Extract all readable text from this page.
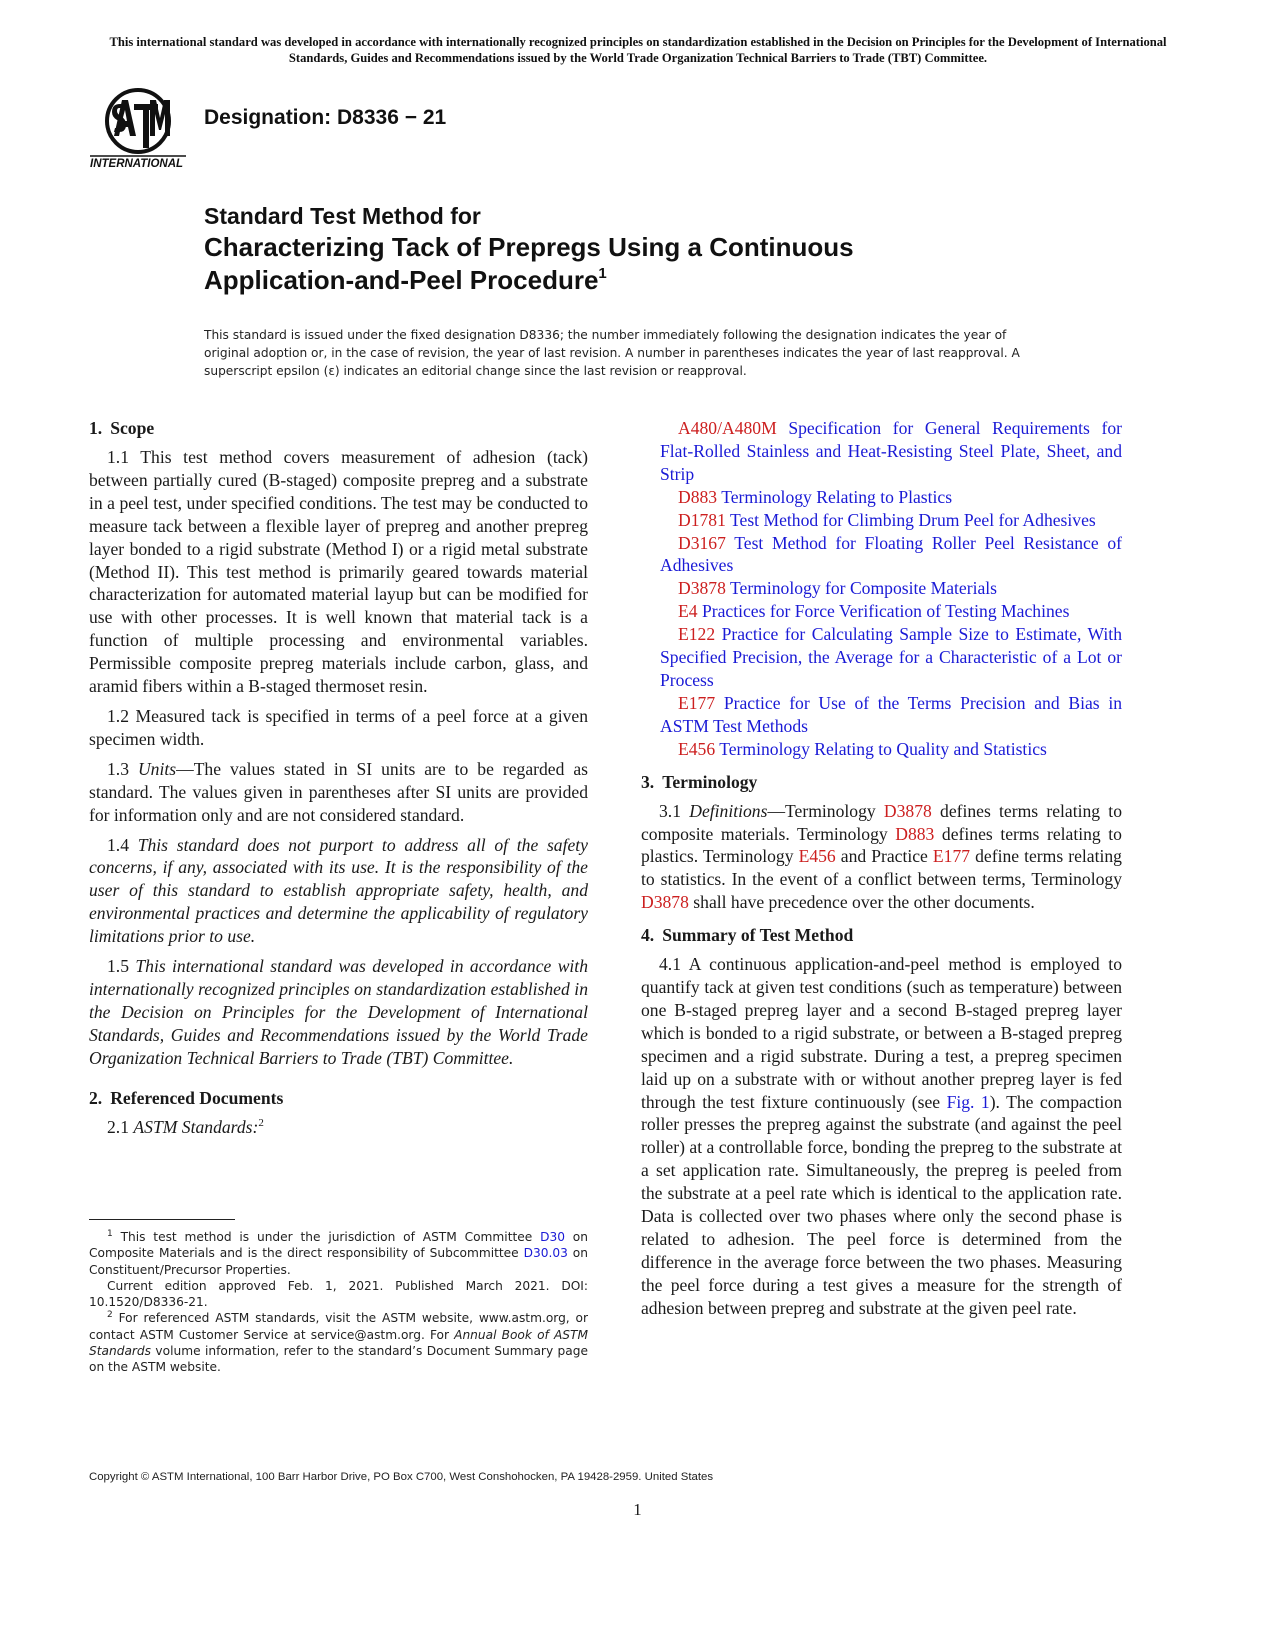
This international standard was developed in accordance with internationally recognized principles on standardization established in the Decision on Principles for the Development of International Standards, Guides and Recommendations issued by the World Trade Organization Technical Barriers to Trade (TBT) Committee.
INTERNATIONAL
Designation: D8336 − 21
Standard Test Method for
Characterizing Tack of Prepregs Using a Continuous
Application-and-Peel Procedure$^1$
This standard is issued under the fixed designation D8336; the number immediately following the designation indicates the year of original adoption or, in the case of revision, the year of last revision. A number in parentheses indicates the year of last reapproval. A superscript epsilon (ε) indicates an editorial change since the last revision or reapproval.
1. Scope

1.1 This test method covers measurement of adhesion (tack) between partially cured (B-staged) composite prepreg and a substrate in a peel test, under specified conditions. The test may be conducted to measure tack between a flexible layer of prepreg and another prepreg layer bonded to a rigid substrate (Method I) or a rigid metal substrate (Method II). This test method is primarily geared towards material characterization for automated material layup but can be modified for use with other processes. It is well known that material tack is a function of multiple processing and environmental variables. Permissible composite prepreg materials include carbon, glass, and aramid fibers within a B-staged thermoset resin.

1.2 Measured tack is specified in terms of a peel force at a given specimen width.

1.3 Units—The values stated in SI units are to be regarded as standard. The values given in parentheses after SI units are provided for information only and are not considered standard.

1.4 This standard does not purport to address all of the safety concerns, if any, associated with its use. It is the responsibility of the user of this standard to establish appropriate safety, health, and environmental practices and determine the applicability of regulatory limitations prior to use.

1.5 This international standard was developed in accordance with internationally recognized principles on standardization established in the Decision on Principles for the Development of International Standards, Guides and Recommendations issued by the World Trade Organization Technical Barriers to Trade (TBT) Committee.

2. Referenced Documents

2.1 ASTM Standards:$^2$

$^1$ This test method is under the jurisdiction of ASTM Committee D30 on Composite Materials and is the direct responsibility of Subcommittee D30.03 on Constituent/Precursor Properties.

Current edition approved Feb. 1, 2021. Published March 2021. DOI: 10.1520/D8336-21.

$^2$ For referenced ASTM standards, visit the ASTM website, www.astm.org, or contact ASTM Customer Service at service@astm.org. For Annual Book of ASTM Standards volume information, refer to the standard’s Document Summary page on the ASTM website.

A480/A480M Specification for General Requirements for Flat-Rolled Stainless and Heat-Resisting Steel Plate, Sheet, and Strip

D883 Terminology Relating to Plastics

D1781 Test Method for Climbing Drum Peel for Adhesives

D3167 Test Method for Floating Roller Peel Resistance of Adhesives

D3878 Terminology for Composite Materials

E4 Practices for Force Verification of Testing Machines

E122 Practice for Calculating Sample Size to Estimate, With Specified Precision, the Average for a Characteristic of a Lot or Process

E177 Practice for Use of the Terms Precision and Bias in ASTM Test Methods

E456 Terminology Relating to Quality and Statistics

3. Terminology

3.1 Definitions—Terminology D3878 defines terms relating to composite materials. Terminology D883 defines terms relating to plastics. Terminology E456 and Practice E177 define terms relating to statistics. In the event of a conflict between terms, Terminology D3878 shall have precedence over the other documents.

4. Summary of Test Method

4.1 A continuous application-and-peel method is employed to quantify tack at given test conditions (such as temperature) between one B-staged prepreg layer and a second B-staged prepreg layer which is bonded to a rigid substrate, or between a B-staged prepreg specimen and a rigid substrate. During a test, a prepreg specimen laid up on a substrate with or without another prepreg layer is fed through the test fixture continuously (see Fig. 1). The compaction roller presses the prepreg against the substrate (and against the peel roller) at a controllable force, bonding the prepreg to the substrate at a set application rate. Simultaneously, the prepreg is peeled from the substrate at a peel rate which is identical to the application rate. Data is collected over two phases where only the second phase is related to adhesion. The peel force is determined from the difference in the average force between the two phases. Measuring the peel force during a test gives a measure for the strength of adhesion between prepreg and substrate at the given peel rate.

Copyright © ASTM International, 100 Barr Harbor Drive, PO Box C700, West Conshohocken, PA 19428-2959. United States
1
